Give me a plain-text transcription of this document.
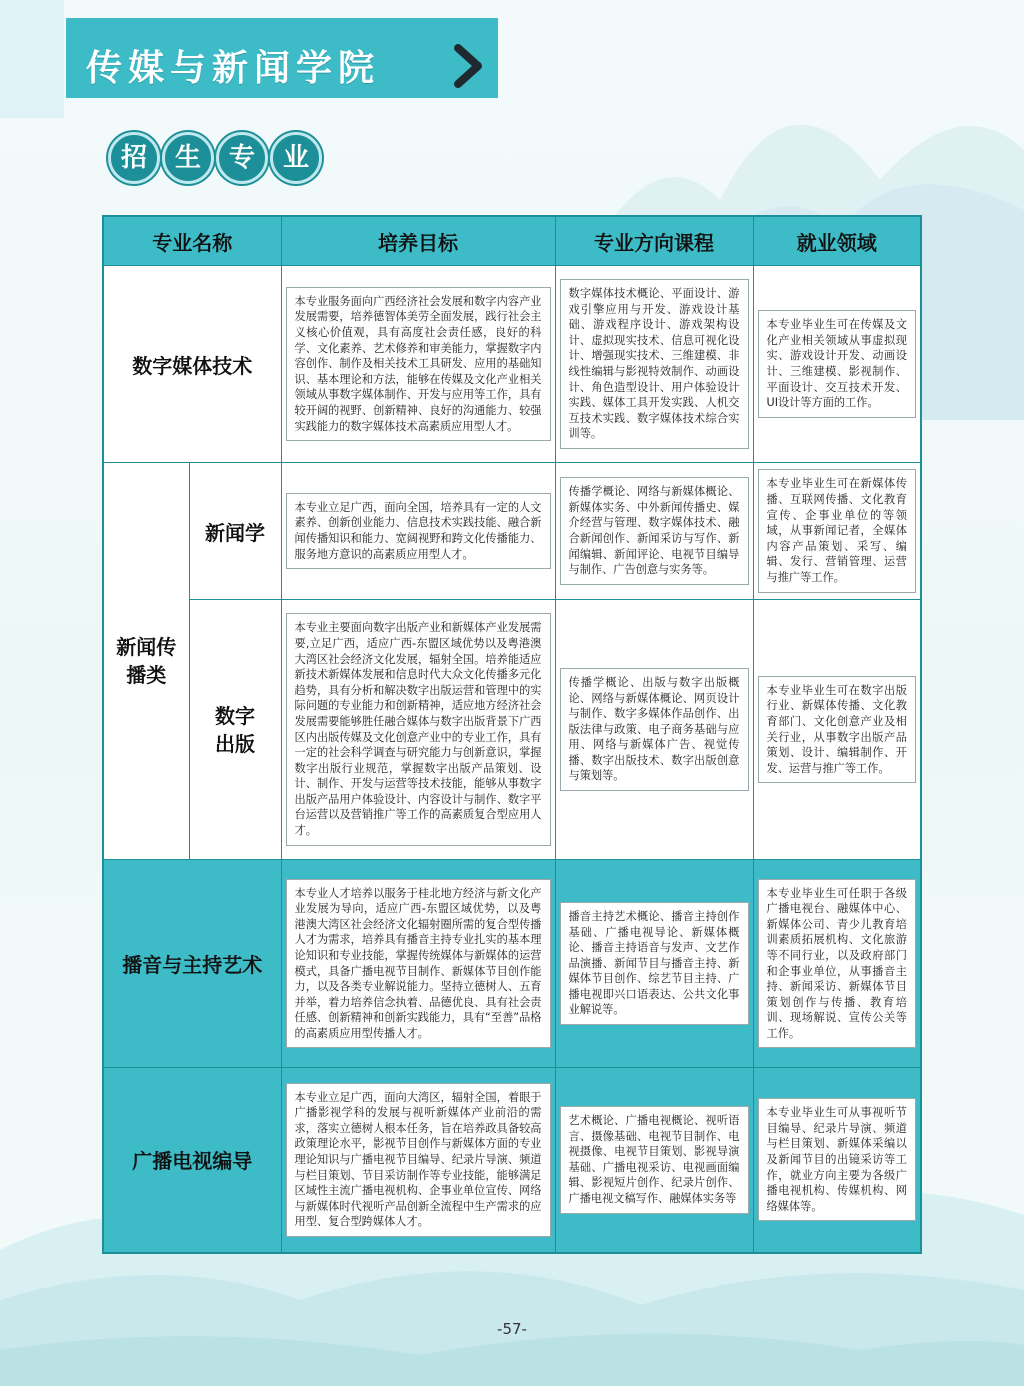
传媒与新闻学院
招	生	专	业
专业名称		培养目标	专业方向课程	就业领域
数字媒体技术		本专业服务面向广西经济社会发展和数字内容产业发展需要，培养德智体美劳全面发展，践行社会主义核心价值观，具有高度社会责任感，良好的科学、文化素养、艺术修养和审美能力，掌握数字内容创作、制作及相关技术工具研发、应用的基础知识、基本理论和方法，能够在传媒及文化产业相关领域从事数字媒体制作、开发与应用等工作，具有较开阔的视野、创新精神、良好的沟通能力、较强实践能力的数字媒体技术高素质应用型人才。	数字媒体技术概论、平面设计、游戏引擎应用与开发、游戏设计基础、游戏程序设计、游戏架构设计、虚拟现实技术、信息可视化设计、增强现实技术、三维建模、非线性编辑与影视特效制作、动画设计、角色造型设计、用户体验设计实践、媒体工具开发实践、人机交互技术实践、数字媒体技术综合实训等。	本专业毕业生可在传媒及文化产业相关领域从事虚拟现实、游戏设计开发、动画设计、三维建模、影视制作、平面设计、交互技术开发、UI设计等方面的工作。

新闻传播类	新闻学	本专业立足广西，面向全国，培养具有一定的人文素养、创新创业能力、信息技术实践技能、融合新闻传播知识和能力、宽阔视野和跨文化传播能力、服务地方意识的高素质应用型人才。	传播学概论、网络与新媒体概论、新媒体实务、中外新闻传播史、媒介经营与管理、数字媒体技术、融合新闻创作、新闻采访与写作、新闻编辑、新闻评论、电视节目编导与制作、广告创意与实务等。	本专业毕业生可在新媒体传播、互联网传播、文化教育宣传、企事业单位的等领域，从事新闻记者，全媒体内容产品策划、采写、编辑、发行、营销管理、运营与推广等工作。

	数字出版	本专业主要面向数字出版产业和新媒体产业发展需要,立足广西，适应广西-东盟区域优势以及粤港澳大湾区社会经济文化发展，辐射全国。培养能适应新技术新媒体发展和信息时代大众文化传播多元化趋势，具有分析和解决数字出版运营和管理中的实际问题的专业能力和创新精神，适应地方经济社会发展需要能够胜任融合媒体与数字出版背景下广西区内出版传媒及文化创意产业中的专业工作，具有一定的社会科学调查与研究能力与创新意识，掌握数字出版行业规范，掌握数字出版产品策划、设计、制作、开发与运营等技术技能，能够从事数字出版产品用户体验设计、内容设计与制作、数字平台运营以及营销推广等工作的高素质复合型应用人才。	传播学概论、出版与数字出版概论、网络与新媒体概论、网页设计与制作、数字多媒体作品创作、出版法律与政策、电子商务基础与应用、网络与新媒体广告、视觉传播、数字出版技术、数字出版创意与策划等。	本专业毕业生可在数字出版行业、新媒体传播、文化教育部门、文化创意产业及相关行业，从事数字出版产品策划、设计、编辑制作、开发、运营与推广等工作。

播音与主持艺术		本专业人才培养以服务于桂北地方经济与新文化产业发展为导向，适应广西-东盟区域优势，以及粤港澳大湾区社会经济文化辐射圈所需的复合型传播人才为需求，培养具有播音主持专业扎实的基本理论知识和专业技能，掌握传统媒体与新媒体的运营模式，具备广播电视节目制作、新媒体节目创作能力，以及各类专业解说能力。坚持立德树人、五育并举，着力培养信念执着、品德优良、具有社会责任感、创新精神和创新实践能力，具有“至善”品格的高素质应用型传播人才。	播音主持艺术概论、播音主持创作基础、广播电视导论、新媒体概论、播音主持语音与发声、文艺作品演播、新闻节目与播音主持、新媒体节目创作、综艺节目主持、广播电视即兴口语表达、公共文化事业解说等。	本专业毕业生可任职于各级广播电视台、融媒体中心、新媒体公司、青少儿教育培训素质拓展机构、文化旅游等不同行业，以及政府部门和企事业单位，从事播音主持、新闻采访、新媒体节目策划创作与传播、教育培训、现场解说、宣传公关等工作。

广播电视编导		本专业立足广西，面向大湾区，辐射全国，着眼于广播影视学科的发展与视听新媒体产业前沿的需求，落实立德树人根本任务，旨在培养政具备较高政策理论水平，影视节目创作与新媒体方面的专业理论知识与广播电视节目编导、纪录片导演、频道与栏目策划、节目采访制作等专业技能，能够满足区域性主流广播电视机构、企事业单位宣传、网络与新媒体时代视听产品创新全流程中生产需求的应用型、复合型跨媒体人才。	艺术概论、广播电视概论、视听语言、摄像基础、电视节目制作、电视摄像、电视节目策划、影视导演基础、广播电视采访、电视画面编辑、影视短片创作、纪录片创作、广播电视文稿写作、融媒体实务等	本专业毕业生可从事视听节目编导、纪录片导演、频道与栏目策划、新媒体采编以及新闻节目的出镜采访等工作，就业方向主要为各级广播电视机构、传媒机构、网络媒体等。
-57-
